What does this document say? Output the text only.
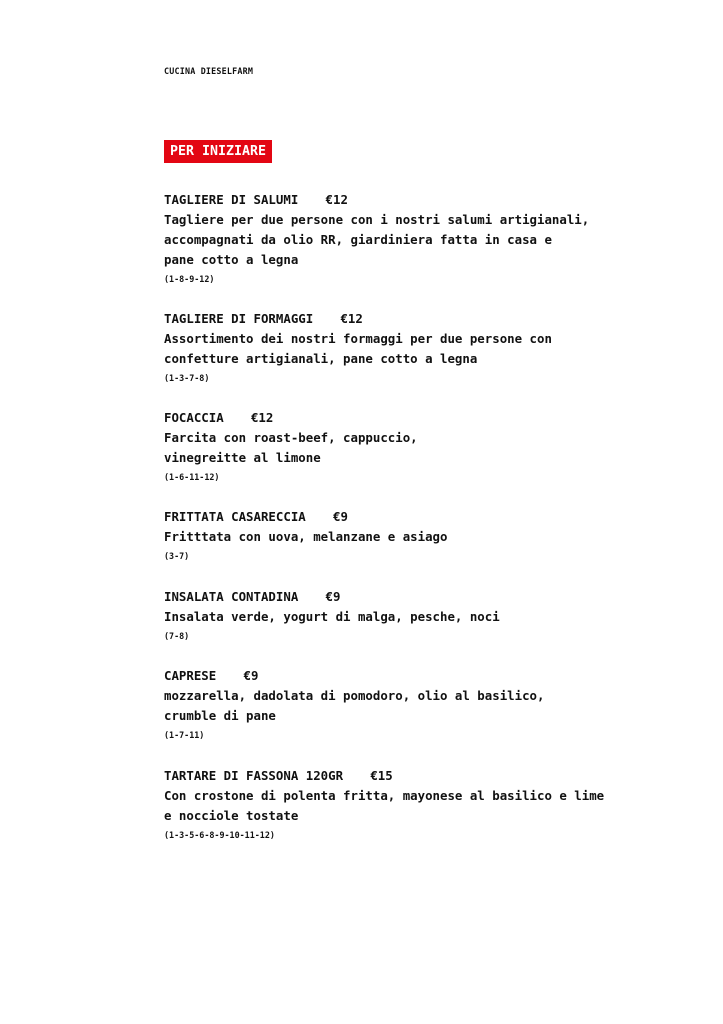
CUCINA DIESELFARM
PER INIZIARE
TAGLIERE DI SALUMI €12
Tagliere per due persone con i nostri salumi artigianali,
accompagnati da olio RR, giardiniera fatta in casa e
pane cotto a legna
(1-8-9-12)
TAGLIERE DI FORMAGGI €12
Assortimento dei nostri formaggi per due persone con
confetture artigianali, pane cotto a legna
(1-3-7-8)
FOCACCIA €12
Farcita con roast-beef, cappuccio,
vinegreitte al limone
(1-6-11-12)
FRITTATA CASARECCIA €9
Fritttata con uova, melanzane e asiago
(3-7)
INSALATA CONTADINA €9
Insalata verde, yogurt di malga, pesche, noci
(7-8)
CAPRESE €9
mozzarella, dadolata di pomodoro, olio al basilico,
crumble di pane
(1-7-11)
TARTARE DI FASSONA 120GR €15
Con crostone di polenta fritta, mayonese al basilico e lime
e nocciole tostate
(1-3-5-6-8-9-10-11-12)
